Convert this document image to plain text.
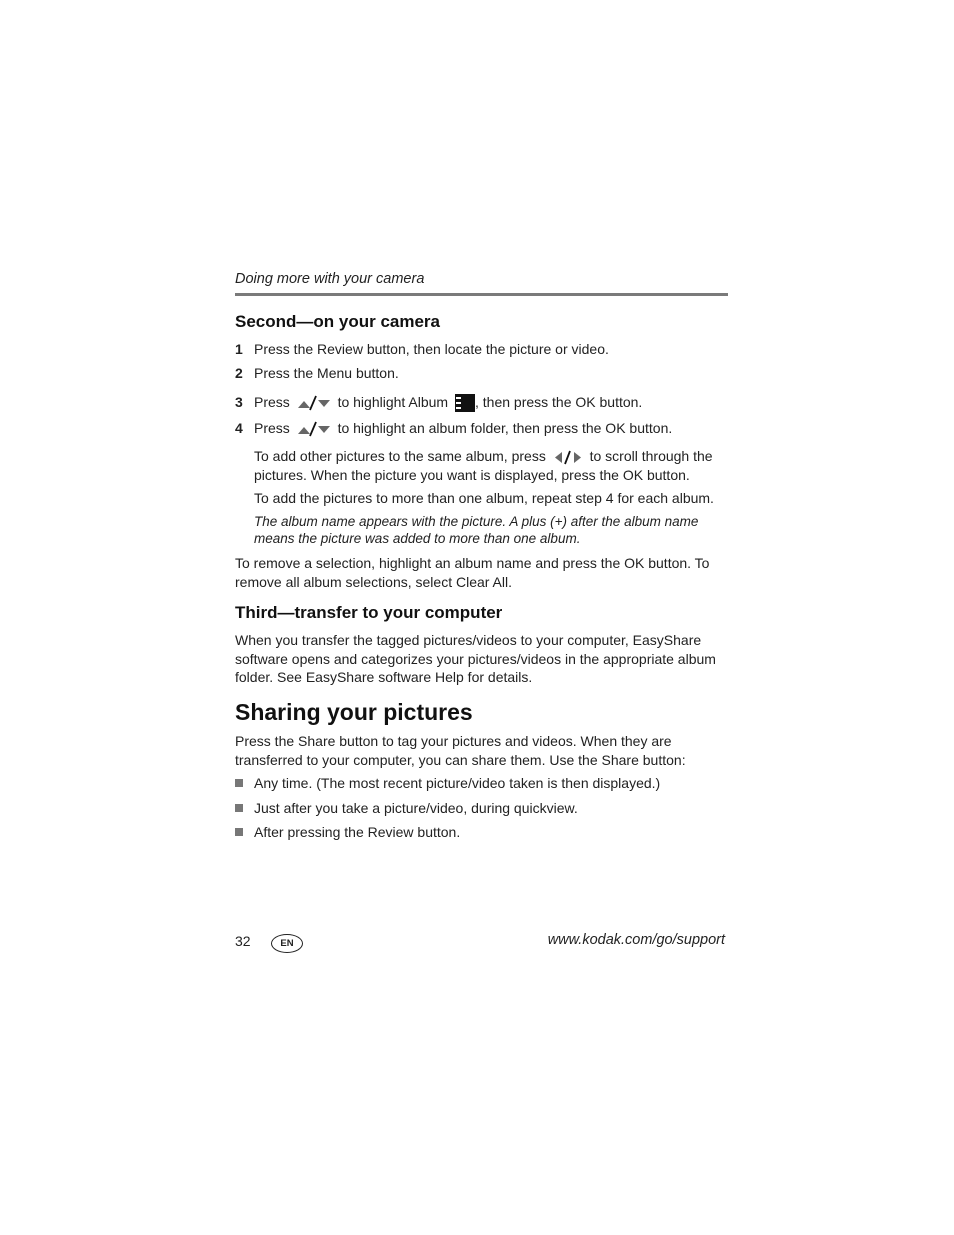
Doing more with your camera
Second—on your camera
1 Press the Review button, then locate the picture or video.
2 Press the Menu button.
3 Press	to highlight Album , then press the OK button.
4 Press	to highlight an album folder, then press the OK button.
To add other pictures to the same album, press	to scroll through the pictures. When the picture you want is displayed, press the OK button.
To add the pictures to more than one album, repeat step 4 for each album.
The album name appears with the picture. A plus (+) after the album name means the picture was added to more than one album.
To remove a selection, highlight an album name and press the OK button. To remove all album selections, select Clear All.
Third—transfer to your computer
When you transfer the tagged pictures/videos to your computer, EasyShare software opens and categorizes your pictures/videos in the appropriate album folder. See EasyShare software Help for details.
Sharing your pictures
Press the Share button to tag your pictures and videos. When they are transferred to your computer, you can share them. Use the Share button:
Any time. (The most recent picture/video taken is then displayed.)
Just after you take a picture/video, during quickview.
After pressing the Review button.
32	EN	www.kodak.com/go/support
